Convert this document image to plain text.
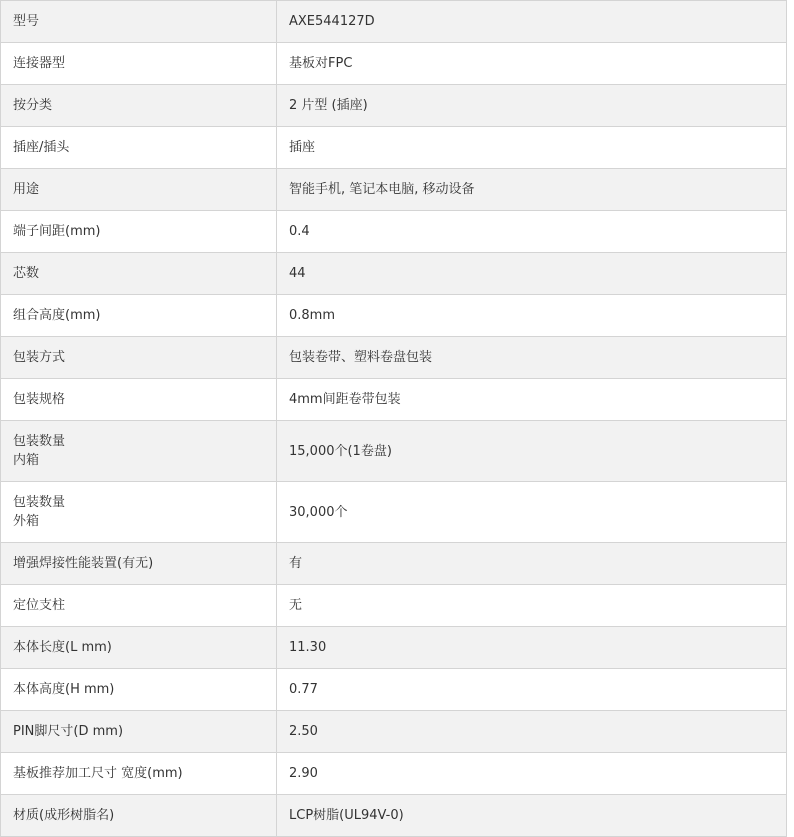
型号	AXE544127D
连接器型	基板对FPC
按分类	2 片型 (插座)
插座/插头	插座
用途	智能手机, 笔记本电脑, 移动设备
端子间距(mm)	0.4
芯数	44
组合高度(mm)	0.8mm
包装方式	包装卷带、塑料卷盘包装
包装规格	4mm间距卷带包装

包装数量
内箱	15,000个(1卷盘)

包装数量
外箱	30,000个
增强焊接性能装置(有无)	有
定位支柱	无
本体长度(L mm)	11.30
本体高度(H mm)	0.77
PIN脚尺寸(D mm)	2.50
基板推荐加工尺寸 宽度(mm)	2.90
材质(成形树脂名)	LCP树脂(UL94V-0)
